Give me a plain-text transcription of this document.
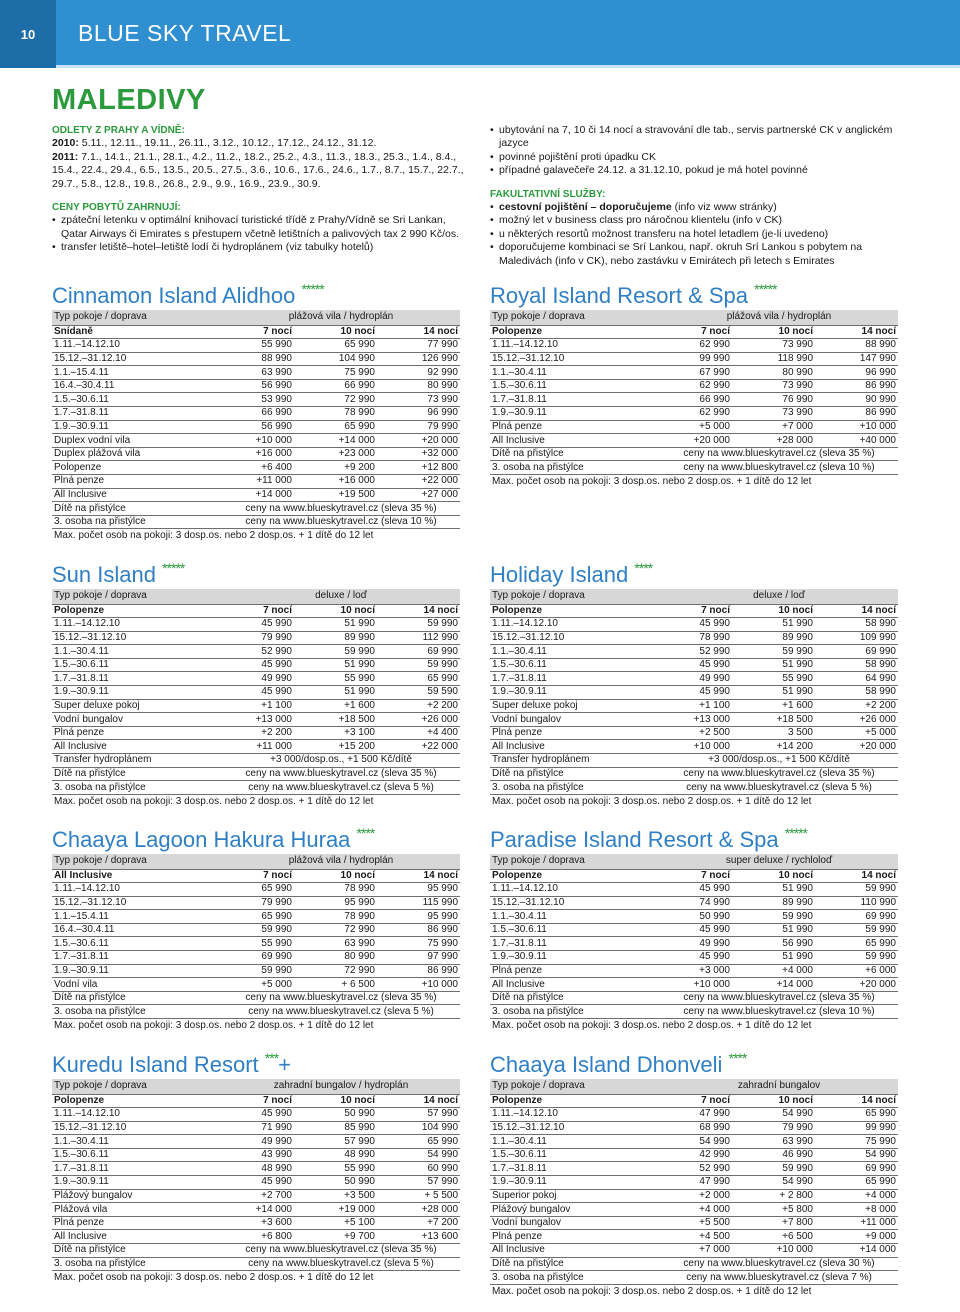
10	BLUE SKY TRAVEL
MALEDIVY
ODLETY Z PRAHY A VÍDNĚ:
2010: 5.11., 12.11., 19.11., 26.11., 3.12., 10.12., 17.12., 24.12., 31.12.
2011: 7.1., 14.1., 21.1., 28.1., 4.2., 11.2., 18.2., 25.2., 4.3., 11.3., 18.3., 25.3., 1.4., 8.4., 15.4., 22.4., 29.4., 6.5., 13.5., 20.5., 27.5., 3.6., 10.6., 17.6., 24.6., 1.7., 8.7., 15.7., 22.7., 29.7., 5.8., 12.8., 19.8., 26.8., 2.9., 9.9., 16.9., 23.9., 30.9.
CENY POBYTŮ ZAHRNUJÍ:
• zpáteční letenku v optimální knihovací turistické třídě z Prahy/Vídně se Sri Lankan, Qatar Airways či Emirates s přestupem včetně letištních a palivových tax 2 990 Kč/os.
• transfer letiště–hotel–letiště lodí či hydroplánem (viz tabulky hotelů)
• ubytování na 7, 10 či 14 nocí a stravování dle tab., servis partnerské CK v anglickém jazyce
• povinné pojištění proti úpadku CK
• případné galavečeře 24.12. a 31.12.10, pokud je má hotel povinné
FAKULTATIVNÍ SLUŽBY:
• cestovní pojištění – doporučujeme (info viz www stránky)
• možný let v business class pro náročnou klientelu (info v CK)
• u některých resortů možnost transferu na hotel letadlem (je-li uvedeno)
• doporučujeme kombinaci se Srí Lankou, např. okruh Srí Lankou s pobytem na Maledivách (info v CK), nebo zastávku v Emirátech při letech s Emirates
Cinnamon Island Alidhoo *****
Typ pokoje / doprava	plážová vila / hydroplán		
Snídaně	7 nocí	10 nocí	14 nocí
1.11.–14.12.10	55 990	65 990	77 990
15.12.–31.12.10	88 990	104 990	126 990
1.1.–15.4.11	63 990	75 990	92 990
16.4.–30.4.11	56 990	66 990	80 990
1.5.–30.6.11	53 990	72 990	73 990
1.7.–31.8.11	66 990	78 990	96 990
1.9.–30.9.11	56 990	65 990	79 990
Duplex vodní vila	+10 000	+14 000	+20 000
Duplex plážová vila	+16 000	+23 000	+32 000
Polopenze	+6 400	+9 200	+12 800
Plná penze	+11 000	+16 000	+22 000
All Inclusive	+14 000	+19 500	+27 000
Dítě na přistýlce	ceny na www.blueskytravel.cz (sleva 35 %)		
3. osoba na přistýlce	ceny na www.blueskytravel.cz (sleva 10 %)		
Max. počet osob na pokoji: 3 dosp.os. nebo 2 dosp.os. + 1 dítě do 12 let
Royal Island Resort & Spa *****
Typ pokoje / doprava	plážová vila / hydroplán		
Polopenze	7 nocí	10 nocí	14 nocí
1.11.–14.12.10	62 990	73 990	88 990
15.12.–31.12.10	99 990	118 990	147 990
1.1.–30.4.11	67 990	80 990	96 990
1.5.–30.6.11	62 990	73 990	86 990
1.7.–31.8.11	66 990	76 990	90 990
1.9.–30.9.11	62 990	73 990	86 990
Plná penze	+5 000	+7 000	+10 000
All Inclusive	+20 000	+28 000	+40 000
Dítě na přistýlce	ceny na www.blueskytravel.cz (sleva 35 %)		
3. osoba na přistýlce	ceny na www.blueskytravel.cz (sleva 10 %)		
Max. počet osob na pokoji: 3 dosp.os. nebo 2 dosp.os. + 1 dítě do 12 let
Sun Island *****
Typ pokoje / doprava	deluxe / loď		
Polopenze	7 nocí	10 nocí	14 nocí
1.11.–14.12.10	45 990	51 990	59 990
15.12.–31.12.10	79 990	89 990	112 990
1.1.–30.4.11	52 990	59 990	69 990
1.5.–30.6.11	45 990	51 990	59 990
1.7.–31.8.11	49 990	55 990	65 990
1.9.–30.9.11	45 990	51 990	59 590
Super deluxe pokoj	+1 100	+1 600	+2 200
Vodní bungalov	+13 000	+18 500	+26 000
Plná penze	+2 200	+3 100	+4 400
All Inclusive	+11 000	+15 200	+22 000
Transfer hydroplánem	+3 000/dosp.os., +1 500 Kč/dítě		
Dítě na přistýlce	ceny na www.blueskytravel.cz (sleva 35 %)		
3. osoba na přistýlce	ceny na www.blueskytravel.cz (sleva 5 %)		
Max. počet osob na pokoji: 3 dosp.os. nebo 2 dosp.os. + 1 dítě do 12 let
Holiday Island ****
Typ pokoje / doprava	deluxe / loď		
Polopenze	7 nocí	10 nocí	14 nocí
1.11.–14.12.10	45 990	51 990	58 990
15.12.–31.12.10	78 990	89 990	109 990
1.1.–30.4.11	52 990	59 990	69 990
1.5.–30.6.11	45 990	51 990	58 990
1.7.–31.8.11	49 990	55 990	64 990
1.9.–30.9.11	45 990	51 990	58 990
Super deluxe pokoj	+1 100	+1 600	+2 200
Vodní bungalov	+13 000	+18 500	+26 000
Plná penze	+2 500	3 500	+5 000
All Inclusive	+10 000	+14 200	+20 000
Transfer hydroplánem	+3 000/dosp.os., +1 500 Kč/dítě		
Dítě na přistýlce	ceny na www.blueskytravel.cz (sleva 35 %)		
3. osoba na přistýlce	ceny na www.blueskytravel.cz (sleva 5 %)		
Max. počet osob na pokoji: 3 dosp.os. nebo 2 dosp.os. + 1 dítě do 12 let
Chaaya Lagoon Hakura Huraa ****
Typ pokoje / doprava	plážová vila / hydroplán		
All Inclusive	7 nocí	10 nocí	14 nocí
1.11.–14.12.10	65 990	78 990	95 990
15.12.–31.12.10	79 990	95 990	115 990
1.1.–15.4.11	65 990	78 990	95 990
16.4.–30.4.11	59 990	72 990	86 990
1.5.–30.6.11	55 990	63 990	75 990
1.7.–31.8.11	69 990	80 990	97 990
1.9.–30.9.11	59 990	72 990	86 990
Vodní vila	+5 000	+ 6 500	+10 000
Dítě na přistýlce	ceny na www.blueskytravel.cz (sleva 35 %)		
3. osoba na přistýlce	ceny na www.blueskytravel.cz (sleva 5 %)		
Max. počet osob na pokoji: 3 dosp.os. nebo 2 dosp.os. + 1 dítě do 12 let
Paradise Island Resort & Spa *****
Typ pokoje / doprava	super deluxe / rychloloď		
Polopenze	7 nocí	10 nocí	14 nocí
1.11.–14.12.10	45 990	51 990	59 990
15.12.–31.12.10	74 990	89 990	110 990
1.1.–30.4.11	50 990	59 990	69 990
1.5.–30.6.11	45 990	51 990	59 990
1.7.–31.8.11	49 990	56 990	65 990
1.9.–30.9.11	45 990	51 990	59 990
Plná penze	+3 000	+4 000	+6 000
All Inclusive	+10 000	+14 000	+20 000
Dítě na přistýlce	ceny na www.blueskytravel.cz (sleva 35 %)		
3. osoba na přistýlce	ceny na www.blueskytravel.cz (sleva 10 %)		
Max. počet osob na pokoji: 3 dosp.os. nebo 2 dosp.os. + 1 dítě do 12 let
Kuredu Island Resort ***+
Typ pokoje / doprava	zahradní bungalov / hydroplán		
Polopenze	7 nocí	10 nocí	14 nocí
1.11.–14.12.10	45 990	50 990	57 990
15.12.–31.12.10	71 990	85 990	104 990
1.1.–30.4.11	49 990	57 990	65 990
1.5.–30.6.11	43 990	48 990	54 990
1.7.–31.8.11	48 990	55 990	60 990
1.9.–30.9.11	45 990	50 990	57 990
Plážový bungalov	+2 700	+3 500	+ 5 500
Plážová vila	+14 000	+19 000	+28 000
Plná penze	+3 600	+5 100	+7 200
All Inclusive	+6 800	+9 700	+13 600
Dítě na přistýlce	ceny na www.blueskytravel.cz (sleva 35 %)		
3. osoba na přistýlce	ceny na www.blueskytravel.cz (sleva 5 %)		
Max. počet osob na pokoji: 3 dosp.os. nebo 2 dosp.os. + 1 dítě do 12 let
Chaaya Island Dhonveli ****
Typ pokoje / doprava	zahradní bungalov		
Polopenze	7 nocí	10 nocí	14 nocí
1.11.–14.12.10	47 990	54 990	65 990
15.12.–31.12.10	68 990	79 990	99 990
1.1.–30.4.11	54 990	63 990	75 990
1.5.–30.6.11	42 990	46 990	54 990
1.7.–31.8.11	52 990	59 990	69 990
1.9.–30.9.11	47 990	54 990	65 990
Superior pokoj	+2 000	+ 2 800	+4 000
Plážový bungalov	+4 000	+5 800	+8 000
Vodní bungalov	+5 500	+7 800	+11 000
Plná penze	+4 500	+6 500	+9 000
All Inclusive	+7 000	+10 000	+14 000
Dítě na přistýlce	ceny na www.blueskytravel.cz (sleva 30 %)		
3. osoba na přistýlce	ceny na www.blueskytravel.cz (sleva 7 %)		
Max. počet osob na pokoji: 3 dosp.os. nebo 2 dosp.os. + 1 dítě do 12 let
